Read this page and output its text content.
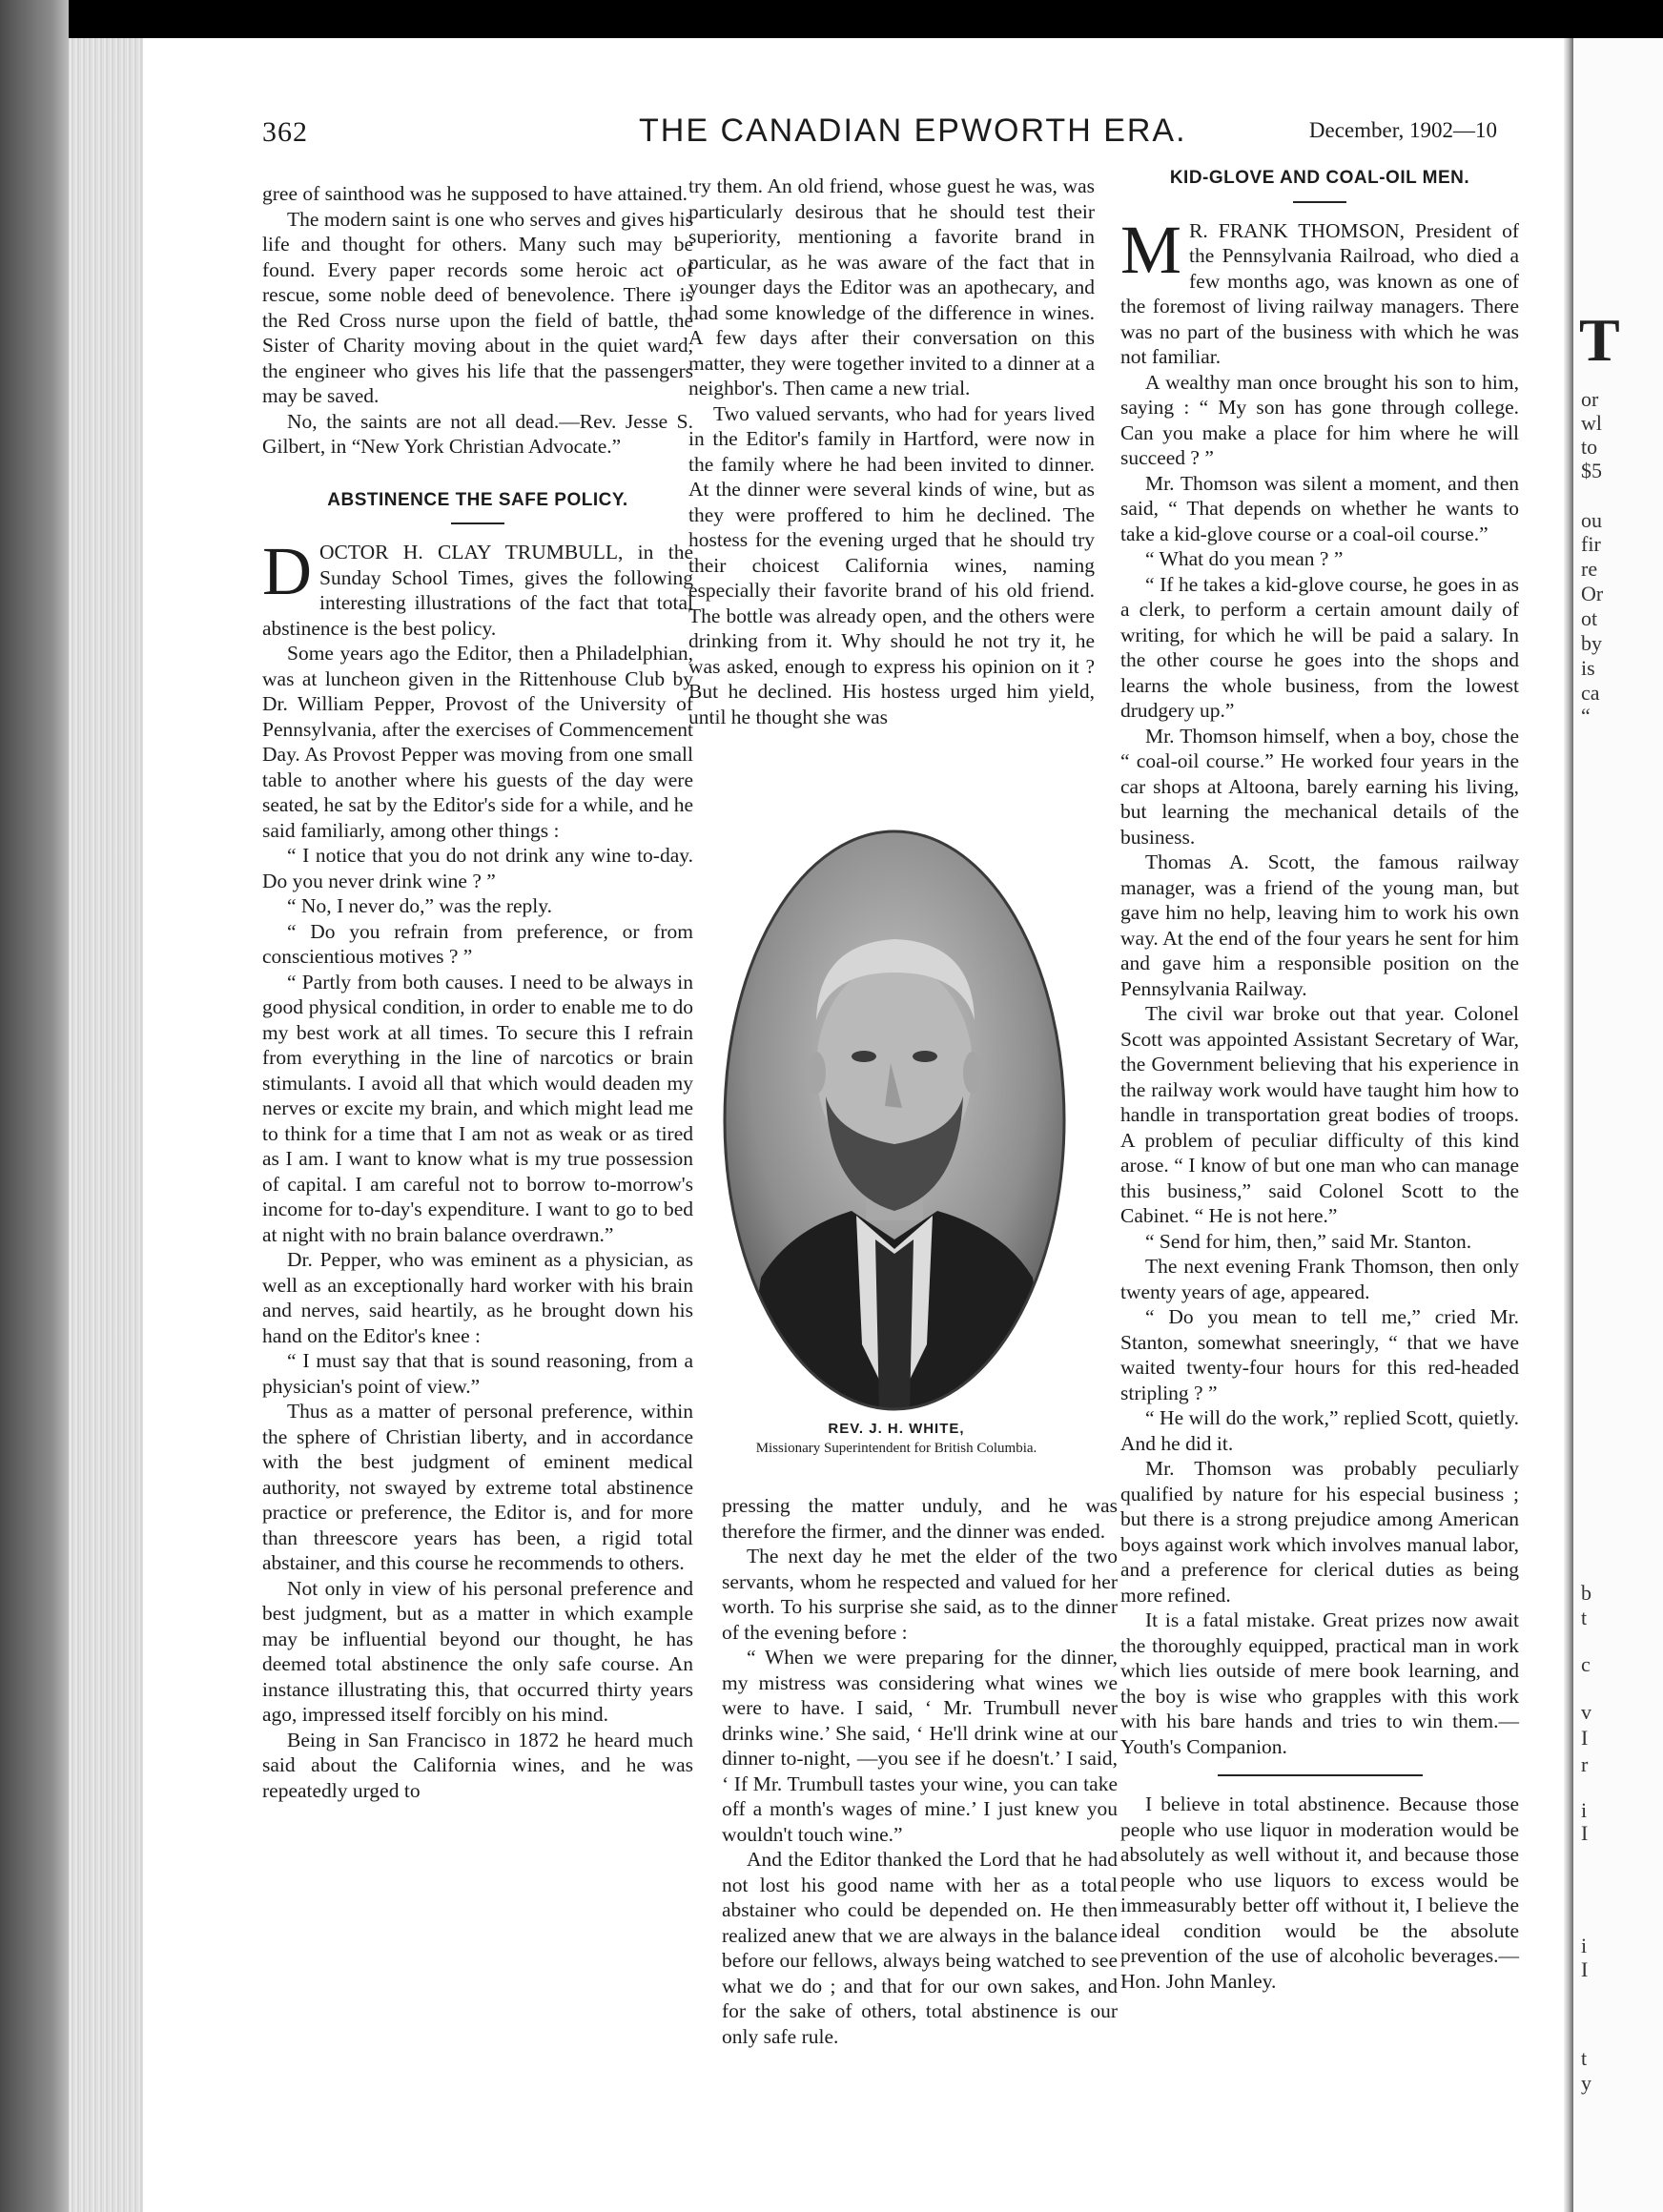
T
or
wl
to
$5
ou
fir
re
Or
ot
by
is
ca
“
b
t
c
v
I
r
i
I
i
I
t
y
362	THE CANADIAN EPWORTH ERA.	December, 1902—10

gree of sainthood was he supposed to have attained.

The modern saint is one who serves and gives his life and thought for others. Many such may be found. Every paper records some heroic act of rescue, some noble deed of benevolence. There is the Red Cross nurse upon the field of battle, the Sister of Charity moving about in the quiet ward, the engineer who gives his life that the passengers may be saved.

No, the saints are not all dead.—Rev. Jesse S. Gilbert, in “New York Christian Advocate.”

ABSTINENCE THE SAFE POLICY.

DOCTOR H. CLAY TRUMBULL, in the Sunday School Times, gives the following interesting illustrations of the fact that total abstinence is the best policy.

Some years ago the Editor, then a Philadelphian, was at luncheon given in the Rittenhouse Club by Dr. William Pepper, Provost of the University of Pennsylvania, after the exercises of Commencement Day. As Provost Pepper was moving from one small table to another where his guests of the day were seated, he sat by the Editor's side for a while, and he said familiarly, among other things :

“ I notice that you do not drink any wine to-day. Do you never drink wine ? ”

“ No, I never do,” was the reply.

“ Do you refrain from preference, or from conscientious motives ? ”

“ Partly from both causes. I need to be always in good physical condition, in order to enable me to do my best work at all times. To secure this I refrain from everything in the line of narcotics or brain stimulants. I avoid all that which would deaden my nerves or excite my brain, and which might lead me to think for a time that I am not as weak or as tired as I am. I want to know what is my true possession of capital. I am careful not to borrow to-morrow's income for to-day's expenditure. I want to go to bed at night with no brain balance overdrawn.”

Dr. Pepper, who was eminent as a physician, as well as an exceptionally hard worker with his brain and nerves, said heartily, as he brought down his hand on the Editor's knee :

“ I must say that that is sound reasoning, from a physician's point of view.”

Thus as a matter of personal preference, within the sphere of Christian liberty, and in accordance with the best judgment of eminent medical authority, not swayed by extreme total abstinence practice or preference, the Editor is, and for more than threescore years has been, a rigid total abstainer, and this course he recommends to others.

Not only in view of his personal preference and best judgment, but as a matter in which example may be influential beyond our thought, he has deemed total abstinence the only safe course. An instance illustrating this, that occurred thirty years ago, impressed itself forcibly on his mind.

Being in San Francisco in 1872 he heard much said about the California wines, and he was repeatedly urged to

try them. An old friend, whose guest he was, was particularly desirous that he should test their superiority, mentioning a favorite brand in particular, as he was aware of the fact that in younger days the Editor was an apothecary, and had some knowledge of the difference in wines. A few days after their conversation on this matter, they were together invited to a dinner at a neighbor's. Then came a new trial.

Two valued servants, who had for years lived in the Editor's family in Hartford, were now in the family where he had been invited to dinner. At the dinner were several kinds of wine, but as they were proffered to him he declined. The hostess for the evening urged that he should try their choicest California wines, naming especially their favorite brand of his old friend. The bottle was already open, and the others were drinking from it. Why should he not try it, he was asked, enough to express his opinion on it ? But he declined. His hostess urged him yield, until he thought she was

REV. J. H. WHITE,
Missionary Superintendent for British Columbia.

pressing the matter unduly, and he was therefore the firmer, and the dinner was ended.

The next day he met the elder of the two servants, whom he respected and valued for her worth. To his surprise she said, as to the dinner of the evening before :

“ When we were preparing for the dinner, my mistress was considering what wines we were to have. I said, ‘ Mr. Trumbull never drinks wine.’ She said, ‘ He'll drink wine at our dinner to-night, —you see if he doesn't.’ I said, ‘ If Mr. Trumbull tastes your wine, you can take off a month's wages of mine.’ I just knew you wouldn't touch wine.”

And the Editor thanked the Lord that he had not lost his good name with her as a total abstainer who could be depended on. He then realized anew that we are always in the balance before our fellows, always being watched to see what we do ; and that for our own sakes, and for the sake of others, total abstinence is our only safe rule.

KID-GLOVE AND COAL-OIL MEN.

M R. FRANK THOMSON, President of the Pennsylvania Railroad, who died a few months ago, was known as one of the foremost of living railway managers. There was no part of the business with which he was not familiar.

A wealthy man once brought his son to him, saying : “ My son has gone through college. Can you make a place for him where he will succeed ? ”

Mr. Thomson was silent a moment, and then said, “ That depends on whether he wants to take a kid-glove course or a coal-oil course.”

“ What do you mean ? ”

“ If he takes a kid-glove course, he goes in as a clerk, to perform a certain amount daily of writing, for which he will be paid a salary. In the other course he goes into the shops and learns the whole business, from the lowest drudgery up.”

Mr. Thomson himself, when a boy, chose the “ coal-oil course.” He worked four years in the car shops at Altoona, barely earning his living, but learning the mechanical details of the business.

Thomas A. Scott, the famous railway manager, was a friend of the young man, but gave him no help, leaving him to work his own way. At the end of the four years he sent for him and gave him a responsible position on the Pennsylvania Railway.

The civil war broke out that year. Colonel Scott was appointed Assistant Secretary of War, the Government believing that his experience in the railway work would have taught him how to handle in transportation great bodies of troops. A problem of peculiar difficulty of this kind arose. “ I know of but one man who can manage this business,” said Colonel Scott to the Cabinet. “ He is not here.”

“ Send for him, then,” said Mr. Stanton.

The next evening Frank Thomson, then only twenty years of age, appeared.

“ Do you mean to tell me,” cried Mr. Stanton, somewhat sneeringly, “ that we have waited twenty-four hours for this red-headed stripling ? ”

“ He will do the work,” replied Scott, quietly. And he did it.

Mr. Thomson was probably peculiarly qualified by nature for his especial business ; but there is a strong prejudice among American boys against work which involves manual labor, and a preference for clerical duties as being more refined.

It is a fatal mistake. Great prizes now await the thoroughly equipped, practical man in work which lies outside of mere book learning, and the boy is wise who grapples with this work with his bare hands and tries to win them.— Youth's Companion.

I believe in total abstinence. Because those people who use liquor in moderation would be absolutely as well without it, and because those people who use liquors to excess would be immeasurably better off without it, I believe the ideal condition would be the absolute prevention of the use of alcoholic beverages.—Hon. John Manley.
